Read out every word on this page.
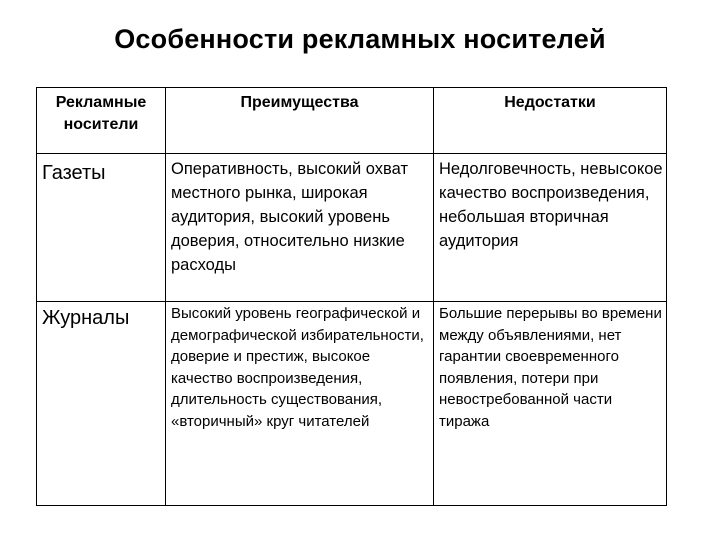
Особенности рекламных носителей
Рекламные носители	Преимущества	Недостатки

Газеты	Оперативность, высокий охват местного рынка, широкая аудитория, высокий уровень доверия, относительно низкие расходы	Недолговечность, невысокое качество воспроизведения, небольшая вторичная аудитория

Журналы	Высокий уровень географической и демографической избирательности, доверие и престиж, высокое качество воспроизведения, длительность существования, «вторичный» круг читателей	Большие перерывы во времени между объявлениями, нет гарантии своевременного появления, потери при невостребованной части тиража
